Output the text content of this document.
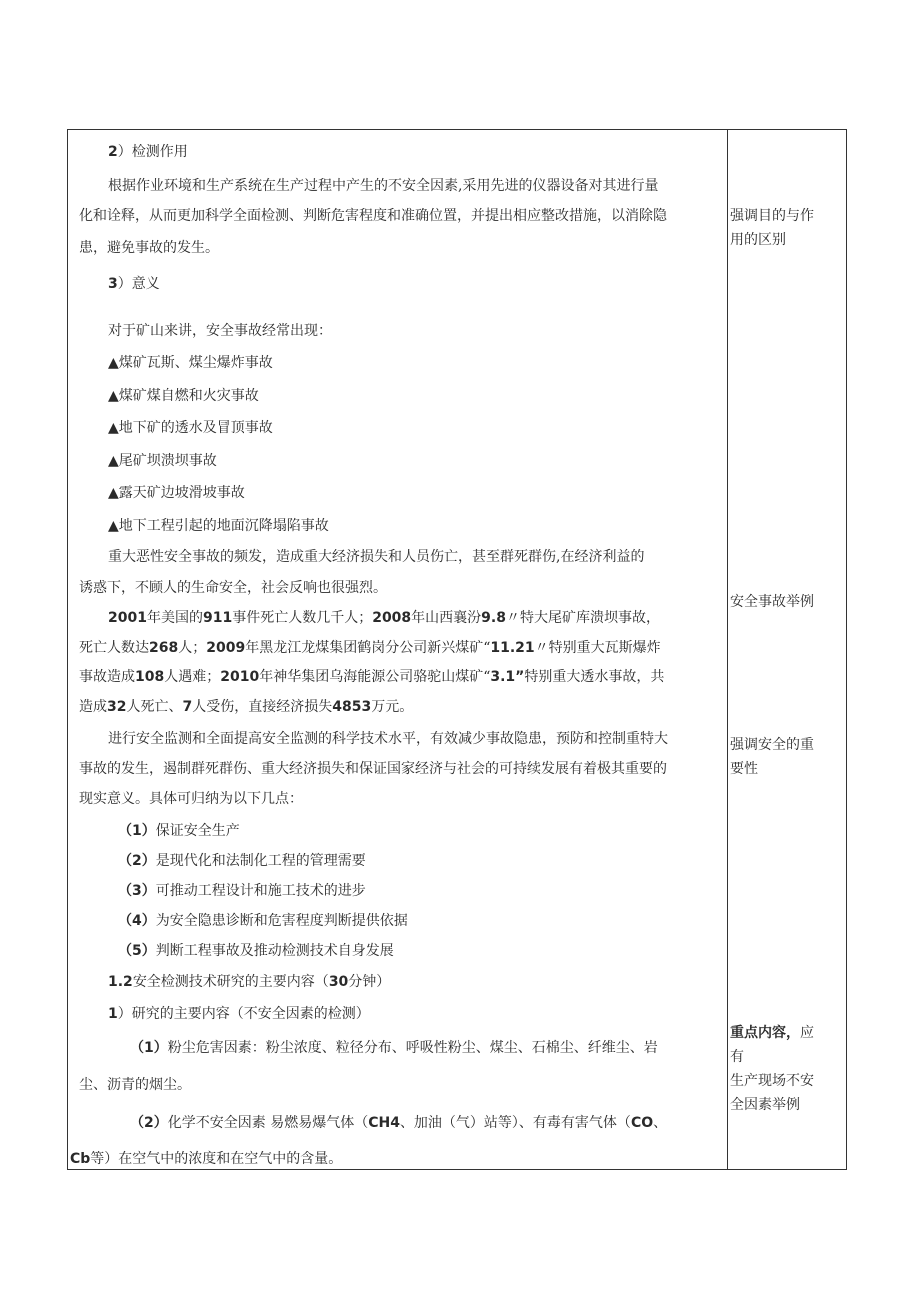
2）检测作用
根据作业环境和生产系统在生产过程中产生的不安全因素,采用先进的仪器设备对其进行量
化和诠释，从而更加科学全面检测、判断危害程度和准确位置，并提出相应整改措施，以消除隐
患，避免事故的发生。
3）意义
对于矿山来讲，安全事故经常出现：
▲煤矿瓦斯、煤尘爆炸事故
▲煤矿煤自燃和火灾事故
▲地下矿的透水及冒顶事故
▲尾矿坝溃坝事故
▲露天矿边坡滑坡事故
▲地下工程引起的地面沉降塌陷事故
重大恶性安全事故的频发，造成重大经济损失和人员伤亡，甚至群死群伤,在经济利益的
诱惑下，不顾人的生命安全，社会反响也很强烈。
2001年美国的911事件死亡人数几千人；2008年山西襄汾9.8〃特大尾矿库溃坝事故，
死亡人数达268人；2009年黑龙江龙煤集团鹤岗分公司新兴煤矿“11.21〃特别重大瓦斯爆炸
事故造成108人遇难；2010年神华集团乌海能源公司骆驼山煤矿“3.1”特别重大透水事故，共
造成32人死亡、7人受伤，直接经济损失4853万元。
进行安全监测和全面提高安全监测的科学技术水平，有效减少事故隐患，预防和控制重特大
事故的发生，遏制群死群伤、重大经济损失和保证国家经济与社会的可持续发展有着极其重要的
现实意义。具体可归纳为以下几点：
（1）保证安全生产
（2）是现代化和法制化工程的管理需要
（3）可推动工程设计和施工技术的进步
（4）为安全隐患诊断和危害程度判断提供依据
（5）判断工程事故及推动检测技术自身发展
1.2安全检测技术研究的主要内容（30分钟）
1）研究的主要内容（不安全因素的检测）
（1）粉尘危害因素：粉尘浓度、粒径分布、呼吸性粉尘、煤尘、石棉尘、纤维尘、岩
尘、沥青的烟尘。
（2）化学不安全因素 易燃易爆气体（CH4、加油（气）站等）、有毒有害气体（CO、
Cb等）在空气中的浓度和在空气中的含量。
强调目的与作
用的区别
安全事故举例
强调安全的重
要性
重点内容，应
有
生产现场不安
全因素举例
